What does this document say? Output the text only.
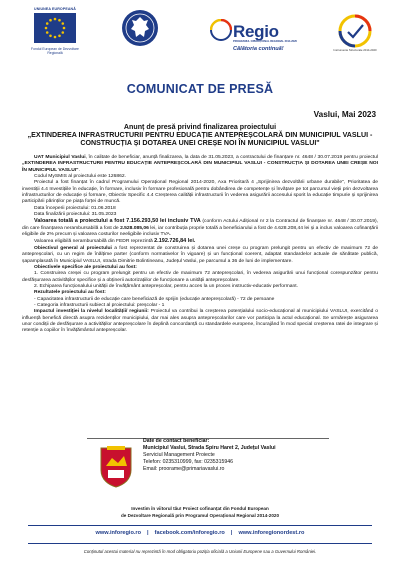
UNIUNEA EUROPEANĂ
Fondul European de Dezvoltare Regională
Regio
PROGRAMUL OPERAȚIONAL REGIONAL 2014-2020
Călătoria continuă!	Instrumente Structurale 2014-2020
COMUNICAT DE PRESĂ
Vaslui, Mai 2023
Anunț de presă privind finalizarea proiectului
„EXTINDEREA INFRASTRUCTURII PENTRU EDUCAȚIE ANTEPREȘCOLARĂ DIN MUNICIPIUL VASLUI -
CONSTRUCȚIA ȘI DOTAREA UNEI CREȘE NOI ÎN MUNICIPIUL VASLUI"

UAT Municipiul Vaslui, în calitate de beneficiar, anunță finalizarea, la data de 31.05.2023, a contractului de finanțare nr. 4648 / 30.07.2019 pentru proiectul „EXTINDEREA INFRASTRUCTURII PENTRU EDUCAȚIE ANTEPREȘCOLARĂ DIN MUNICIPIUL VASLUI - CONSTRUCȚIA ȘI DOTAREA UNEI CREȘE NOI ÎN MUNICIPIUL VASLUI".

Codul MySMIS al proiectului este 126862.

Proiectul a fost finanțat în cadrul Programului Operațional Regional 2014-2020, Axa Prioritară 4 „Sprijinirea dezvoltării urbane durabile", Prioritatea de investiții 4.4 Investițiile în educație, în formare, inclusiv în formare profesională pentru dobândirea de competențe și învățare pe tot parcursul vieții prin dezvoltarea infrastructurilor de educație și formare, Obiectiv Specific 4.4 Creșterea calității infrastructurii în vederea asigurării accesului sporit la educație timpurie și sprijinirea participării părinților pe piața forței de muncă.

Data începerii proiectului: 01.06.2018

Data finalizării proiectului: 31.05.2023

Valoarea totală a proiectului a fost 7.156.293,50 lei inclusiv TVA (conform Actului Adițional nr 2 la Contractul de finanțare nr. 4648 / 30.07.2019), din care finanțarea nerambursabilă a fost de 2.528.085,06 lei, iar contribuția proprie totală a beneficiarului a fost de 4.628.208,44 lei și a inclus valoarea cofinanțării eligibile de 2% precum și valoarea costurilor neeligibile inclusiv TVA.

Valoarea eligibilă nerambursabilă din FEDR reprezintă 2.192.726,84 lei.

Obiectivul general al proiectului a fost reprezentat de construirea și dotarea unei creșe cu program prelungit pentru un efectiv de maximum 72 de antepreșcolari, cu un regim de înălțime parter (conform normativelor în vigoare) și un funcțional coerent, adaptat standardelor actuale de sănătate publică, șapamplasată în Municipiul VASLUI, strada Dimitrie Bolintineanu, Județul Vaslui, pe parcursul a 36 de luni de implementare.

Obiectivele specifice ale proiectului au fost:

1. Construirea creșei cu program prelungit pentru un efectiv de maximum 72 antepreșcolari, în vederea asigurării unui funcțional corespunzător pentru desfășurarea activităților specifice și a obținerii autorizațiilor de funcționare a unității antepreșcolare.

2. Echiparea funcționalului unității de învățământ antepreșcolar, pentru acces la un proces instructiv-educativ performant.

Rezultatele proiectului au fost:

- Capacitatea infrastructurii de educație care beneficiază de sprijin (educație antepreșcolară) - 72 de persoane

- Categoria infrastructurii subiect al proiectului: preșcolar - 1

Impactul investiției la nivelul localității/ regiunii: Proiectul va contribui la creșterea potențialului socio-educațional al municipiului VASLUI, exercitând o influență benefică directă asupra rezidenților municipiului, dar mai ales asupra antepreșcolarilor care vor participa la actul educațional. Se urmărește asigurarea unor condiții de desfășurare a activităților antepreșcolare în deplină concordanță cu standardele europene, încurajând în mod special creșterea ratei de integrare și retenție a copiilor în învățământul antepreșcolar.

Date de contact beneficiar:
Municipiul Vaslui, Strada Spiru Haret 2, Județul Vaslui
Serviciul Management Proiecte
Telefon: 0235310999, fax: 0235315946
Email: prooramе@primariavaslui.ro
Investim în viitorul tău! Proiect cofinanțat din Fondul European
de Dezvoltare Regională prin Programul Operațional Regional 2014-2020
www.inforegio.ro | facebook.com/inforegio.ro | www.inforegionordest.ro
Conținutul acestui material nu reprezintă în mod obligatoriu poziția oficială a Uniunii Europene sau a Guvernului României.
